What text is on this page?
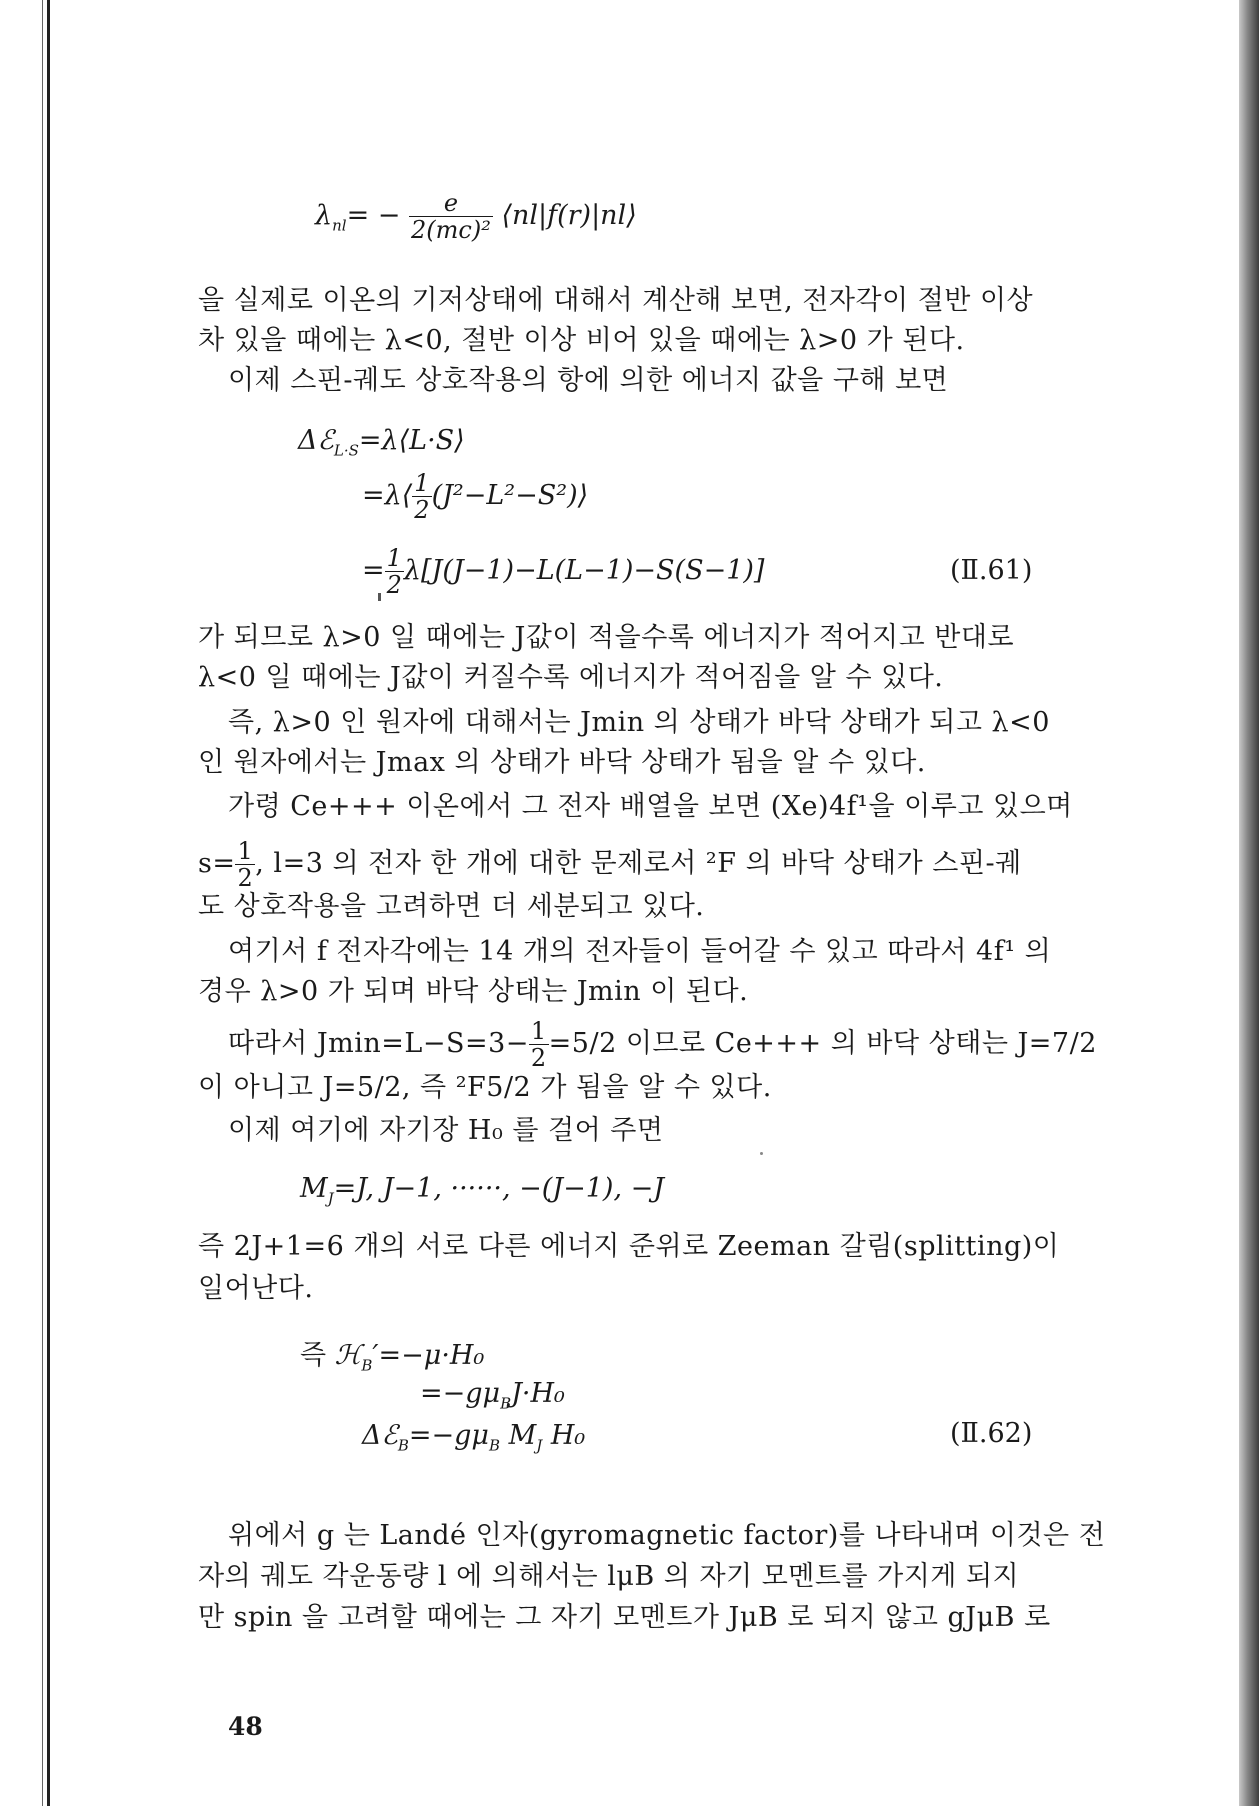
$\lambda_{nl}= - \frac{e}{\text{2(mc)²}}$ ⟨nl|f(r)|nl⟩
을 실제로 이온의 기저상태에 대해서 계산해 보면, 전자각이 절반 이상
차 있을 때에는 λ<0, 절반 이상 비어 있을 때에는 λ>0 가 된다.
이제 스핀-궤도 상호작용의 항에 의한 에너지 값을 구해 보면
Δℰ$_{L\cdot S}$=λ⟨L·S⟩
=λ⟨ $\frac{1}{2}$ (J²−L²−S²)⟩
= $\frac{1}{2} \lambda[J(J-1)-L(L-1)-S(S-1)]$	(Ⅱ.61)
가 되므로 λ>0 일 때에는 J값이 적을수록 에너지가 적어지고 반대로
λ<0 일 때에는 J값이 커질수록 에너지가 적어짐을 알 수 있다.
즉, λ>0 인 원자에 대해서는 Jmin 의 상태가 바닥 상태가 되고 λ<0
인 원자에서는 Jmax 의 상태가 바닥 상태가 됨을 알 수 있다.
가령 Ce+++ 이온에서 그 전자 배열을 보면 (Xe)4f¹을 이루고 있으며
$s= \frac{1}{2}$ , l=3 의 전자 한 개에 대한 문제로서 ²F 의 바닥 상태가 스핀-궤
도 상호작용을 고려하면 더 세분되고 있다.
여기서 f 전자각에는 14 개의 전자들이 들어갈 수 있고 따라서 4f¹ 의
경우 λ>0 가 되며 바닥 상태는 Jmin 이 된다.
따라서 $Jmin=L-S=3- \frac{1}{2} =5/2$ 이므로 Ce+++ 의 바닥 상태는 J=7/2
이 아니고 J=5/2, 즉 ²F5/2 가 됨을 알 수 있다.
이제 여기에 자기장 H₀ 를 걸어 주면
$M_J=J$, J−1, ······, −(J−1), −J
즉 2J+1=6 개의 서로 다른 에너지 준위로 Zeeman 갈림(splitting)이
일어난다.
즉 ℋ$_B$′=−μ·H₀
$=-g\mu_BJ\cdot H_0$
$\Delta ℰ_B=-g\mu_B$ $M_J$ H₀	(Ⅱ.62)
위에서 g 는 Landé 인자(gyromagnetic factor)를 나타내며 이것은 전
자의 궤도 각운동량 l 에 의해서는 lμB 의 자기 모멘트를 가지게 되지
만 spin 을 고려할 때에는 그 자기 모멘트가 JμB 로 되지 않고 gJμB 로
48
